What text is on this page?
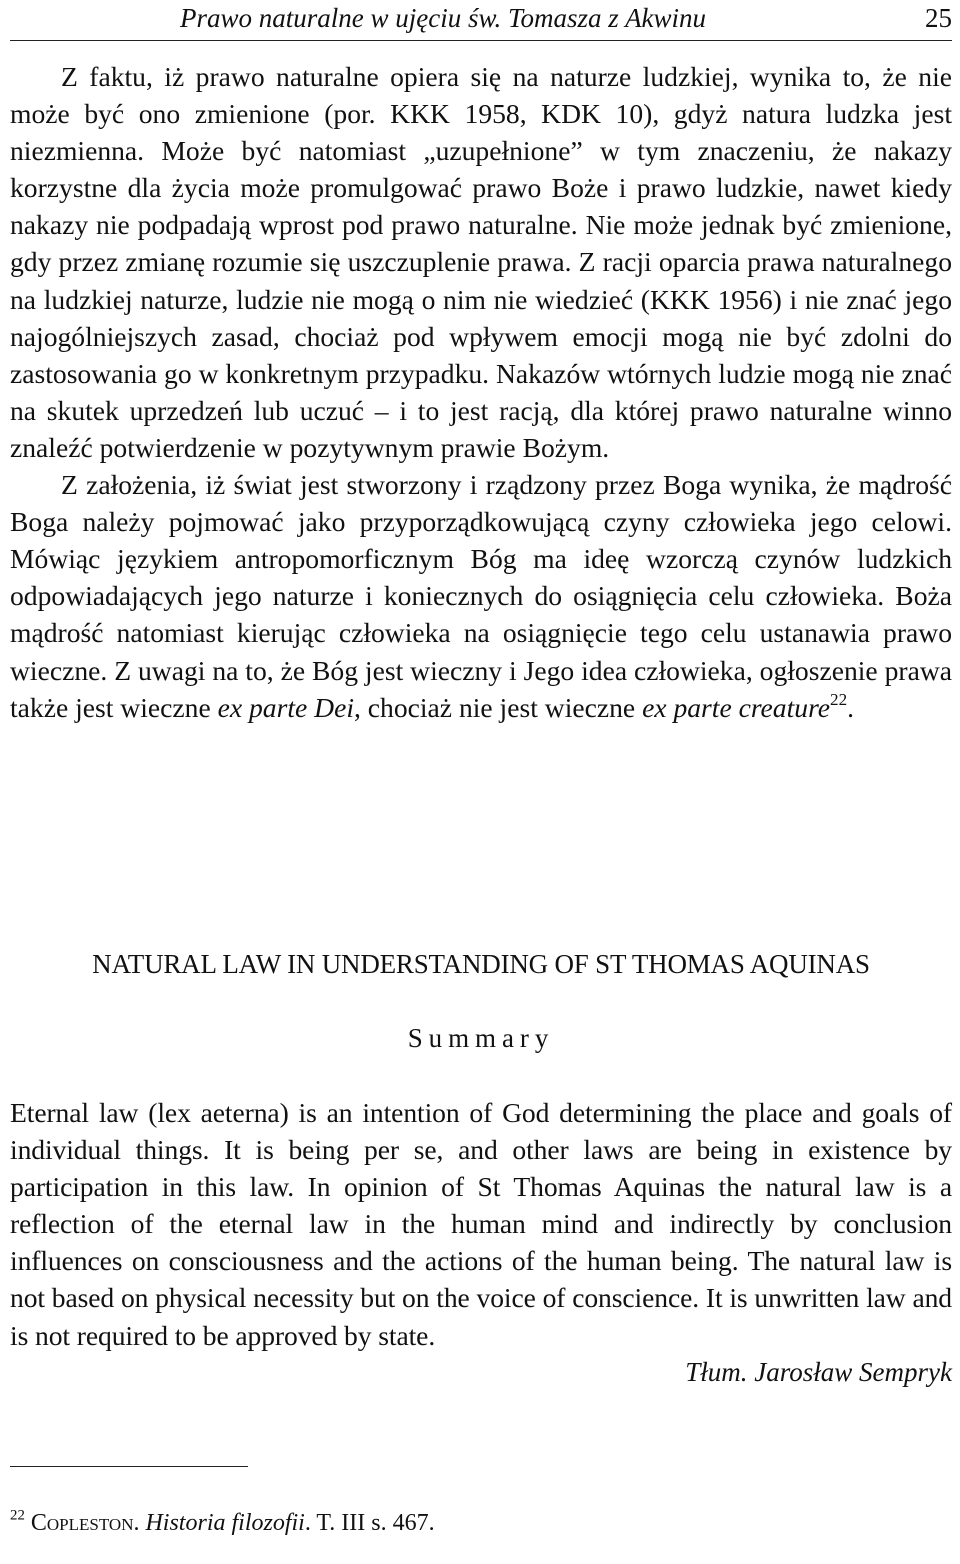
Prawo naturalne w ujęciu św. Tomasza z Akwinu	25

Z faktu, iż prawo naturalne opiera się na naturze ludzkiej, wynika to, że nie może być ono zmienione (por. KKK 1958, KDK 10), gdyż natura ludzka jest niezmienna. Może być natomiast „uzupełnione” w tym znaczeniu, że nakazy korzystne dla życia może promulgować prawo Boże i prawo ludzkie, nawet kiedy nakazy nie podpadają wprost pod prawo naturalne. Nie może jednak być zmienione, gdy przez zmianę rozumie się uszczuplenie prawa. Z racji oparcia prawa naturalnego na ludzkiej naturze, ludzie nie mogą o nim nie wiedzieć (KKK 1956) i nie znać jego najogólniejszych zasad, chociaż pod wpływem emocji mogą nie być zdolni do zastosowania go w konkretnym przypadku. Nakazów wtórnych ludzie mogą nie znać na skutek uprzedzeń lub uczuć – i to jest racją, dla której prawo naturalne winno znaleźć potwierdzenie w pozytywnym prawie Bożym.

Z założenia, iż świat jest stworzony i rządzony przez Boga wynika, że mądrość Boga należy pojmować jako przyporządkowującą czyny człowieka jego celowi. Mówiąc językiem antropomorficznym Bóg ma ideę wzorczą czynów ludzkich odpowiadających jego naturze i koniecznych do osiągnięcia celu człowieka. Boża mądrość natomiast kierując człowieka na osiągnięcie tego celu ustanawia prawo wieczne. Z uwagi na to, że Bóg jest wieczny i Jego idea człowieka, ogłoszenie prawa także jest wieczne ex parte Dei, chociaż nie jest wieczne ex parte creature$^{22}$.

NATURAL LAW IN UNDERSTANDING OF ST THOMAS AQUINAS
Summary

Eternal law (lex aeterna) is an intention of God determining the place and goals of individual things. It is being per se, and other laws are being in existence by participation in this law. In opinion of St Thomas Aquinas the natural law is a reflection of the eternal law in the human mind and indirectly by conclusion influences on consciousness and the actions of the human being. The natural law is not based on physical necessity but on the voice of conscience. It is unwritten law and is not required to be approved by state.

Tłum. Jarosław Sempryk
$^{22}$ Copleston. Historia filozofii. T. III s. 467.
